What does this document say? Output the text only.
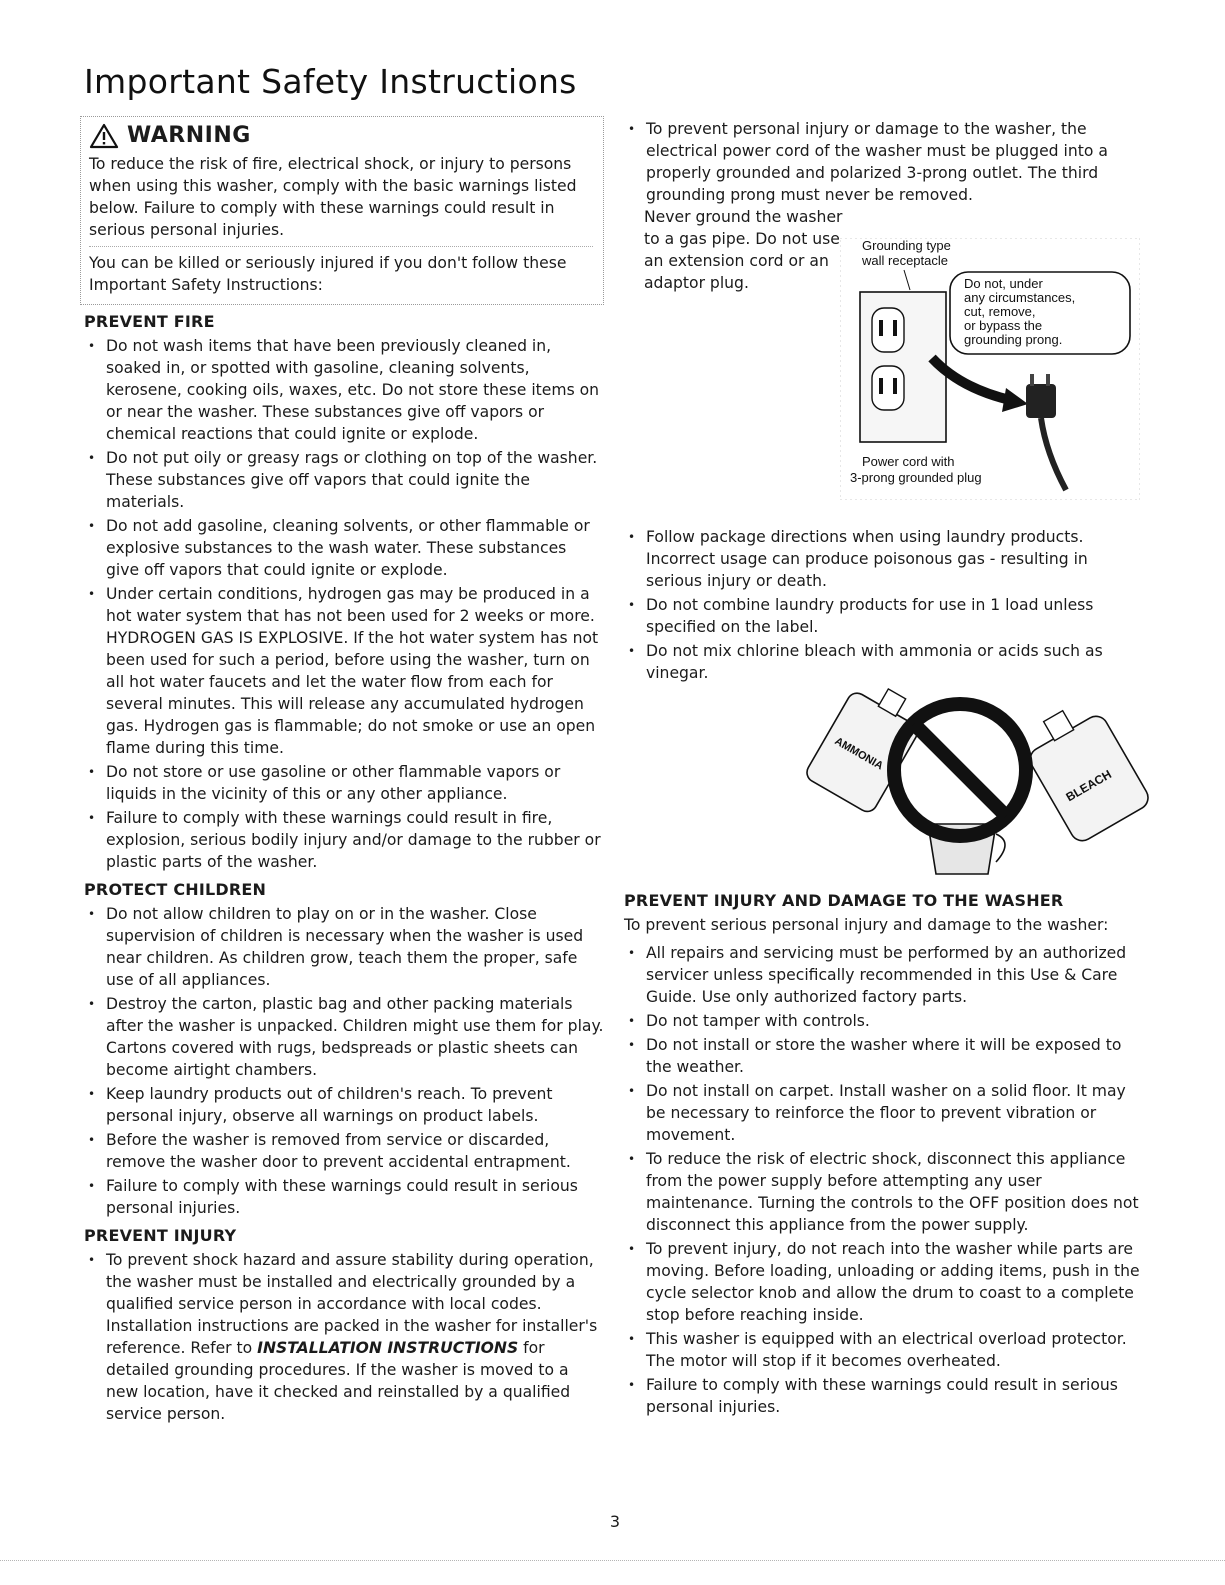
Important Safety Instructions
WARNING

To reduce the risk of fire, electrical shock, or injury to persons when using this washer, comply with the basic warnings listed below. Failure to comply with these warnings could result in serious personal injuries.

You can be killed or seriously injured if you don't follow these Important Safety Instructions:

PREVENT FIRE
• Do not wash items that have been previously cleaned in, soaked in, or spotted with gasoline, cleaning solvents, kerosene, cooking oils, waxes, etc. Do not store these items on or near the washer. These substances give off vapors or chemical reactions that could ignite or explode.
• Do not put oily or greasy rags or clothing on top of the washer. These substances give off vapors that could ignite the materials.
• Do not add gasoline, cleaning solvents, or other flammable or explosive substances to the wash water. These substances give off vapors that could ignite or explode.
• Under certain conditions, hydrogen gas may be produced in a hot water system that has not been used for 2 weeks or more. HYDROGEN GAS IS EXPLOSIVE. If the hot water system has not been used for such a period, before using the washer, turn on all hot water faucets and let the water flow from each for several minutes. This will release any accumulated hydrogen gas. Hydrogen gas is flammable; do not smoke or use an open flame during this time.
• Do not store or use gasoline or other flammable vapors or liquids in the vicinity of this or any other appliance.
• Failure to comply with these warnings could result in fire, explosion, serious bodily injury and/or damage to the rubber or plastic parts of the washer.
PROTECT CHILDREN
• Do not allow children to play on or in the washer. Close supervision of children is necessary when the washer is used near children. As children grow, teach them the proper, safe use of all appliances.
• Destroy the carton, plastic bag and other packing materials after the washer is unpacked. Children might use them for play. Cartons covered with rugs, bedspreads or plastic sheets can become airtight chambers.
• Keep laundry products out of children's reach. To prevent personal injury, observe all warnings on product labels.
• Before the washer is removed from service or discarded, remove the washer door to prevent accidental entrapment.
• Failure to comply with these warnings could result in serious personal injuries.
PREVENT INJURY
• To prevent shock hazard and assure stability during operation, the washer must be installed and electrically grounded by a qualified service person in accordance with local codes. Installation instructions are packed in the washer for installer's reference. Refer to INSTALLATION INSTRUCTIONS for detailed grounding procedures. If the washer is moved to a new location, have it checked and reinstalled by a qualified service person.
• To prevent personal injury or damage to the washer, the electrical power cord of the washer must be plugged into a properly grounded and polarized 3-prong outlet. The third grounding prong must never be removed.
Never ground the washer to a gas pipe. Do not use an extension cord or an adaptor plug.
Grounding type
wall receptacle
Do not, under
any circumstances,
cut, remove,
or bypass the
grounding prong.
Power cord with
3-prong grounded plug
• Follow package directions when using laundry products. Incorrect usage can produce poisonous gas - resulting in serious injury or death.
• Do not combine laundry products for use in 1 load unless specified on the label.
• Do not mix chlorine bleach with ammonia or acids such as vinegar.
AMMONIA
BLEACH
PREVENT INJURY AND DAMAGE TO THE WASHER

To prevent serious personal injury and damage to the washer:

• All repairs and servicing must be performed by an authorized servicer unless specifically recommended in this Use & Care Guide. Use only authorized factory parts.
• Do not tamper with controls.
• Do not install or store the washer where it will be exposed to the weather.
• Do not install on carpet. Install washer on a solid floor. It may be necessary to reinforce the floor to prevent vibration or movement.
• To reduce the risk of electric shock, disconnect this appliance from the power supply before attempting any user maintenance. Turning the controls to the OFF position does not disconnect this appliance from the power supply.
• To prevent injury, do not reach into the washer while parts are moving. Before loading, unloading or adding items, push in the cycle selector knob and allow the drum to coast to a complete stop before reaching inside.
• This washer is equipped with an electrical overload protector. The motor will stop if it becomes overheated.
• Failure to comply with these warnings could result in serious personal injuries.
3
